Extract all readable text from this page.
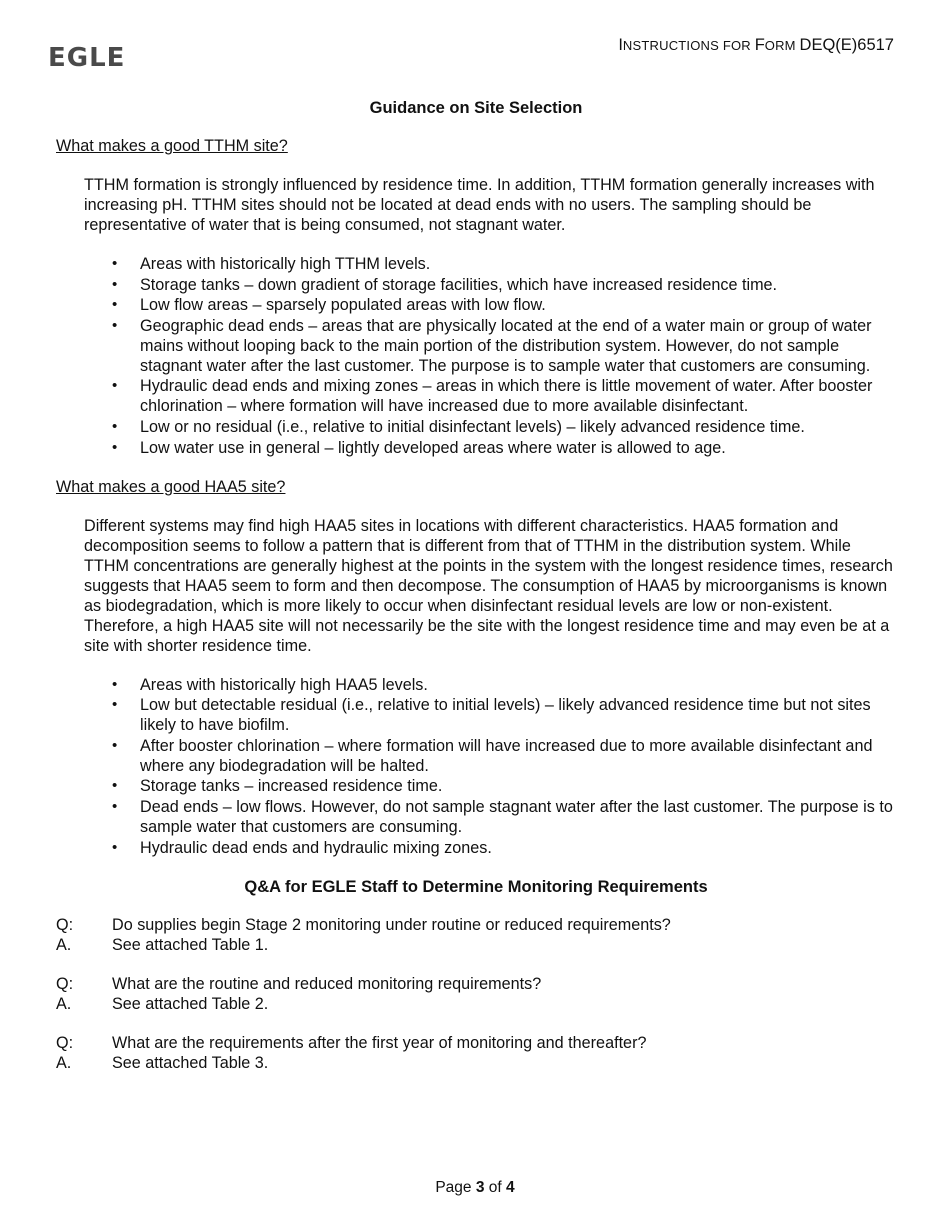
EGLE	INSTRUCTIONS FOR FORM DEQ(E)6517
Guidance on Site Selection
What makes a good TTHM site?
TTHM formation is strongly influenced by residence time. In addition, TTHM formation generally increases with increasing pH. TTHM sites should not be located at dead ends with no users. The sampling should be representative of water that is being consumed, not stagnant water.
• Areas with historically high TTHM levels.
• Storage tanks – down gradient of storage facilities, which have increased residence time.
• Low flow areas – sparsely populated areas with low flow.
• Geographic dead ends – areas that are physically located at the end of a water main or group of water mains without looping back to the main portion of the distribution system. However, do not sample stagnant water after the last customer. The purpose is to sample water that customers are consuming.
• Hydraulic dead ends and mixing zones – areas in which there is little movement of water. After booster chlorination – where formation will have increased due to more available disinfectant.
• Low or no residual (i.e., relative to initial disinfectant levels) – likely advanced residence time.
• Low water use in general – lightly developed areas where water is allowed to age.
What makes a good HAA5 site?
Different systems may find high HAA5 sites in locations with different characteristics. HAA5 formation and decomposition seems to follow a pattern that is different from that of TTHM in the distribution system. While TTHM concentrations are generally highest at the points in the system with the longest residence times, research suggests that HAA5 seem to form and then decompose. The consumption of HAA5 by microorganisms is known as biodegradation, which is more likely to occur when disinfectant residual levels are low or non-existent. Therefore, a high HAA5 site will not necessarily be the site with the longest residence time and may even be at a site with shorter residence time.
• Areas with historically high HAA5 levels.
• Low but detectable residual (i.e., relative to initial levels) – likely advanced residence time but not sites likely to have biofilm.
• After booster chlorination – where formation will have increased due to more available disinfectant and where any biodegradation will be halted.
• Storage tanks – increased residence time.
• Dead ends – low flows. However, do not sample stagnant water after the last customer. The purpose is to sample water that customers are consuming.
• Hydraulic dead ends and hydraulic mixing zones.
Q&A for EGLE Staff to Determine Monitoring Requirements
Q:	Do supplies begin Stage 2 monitoring under routine or reduced requirements?
A.	See attached Table 1.
Q:	What are the routine and reduced monitoring requirements?
A.	See attached Table 2.
Q:	What are the requirements after the first year of monitoring and thereafter?
A.	See attached Table 3.
Page 3 of 4
